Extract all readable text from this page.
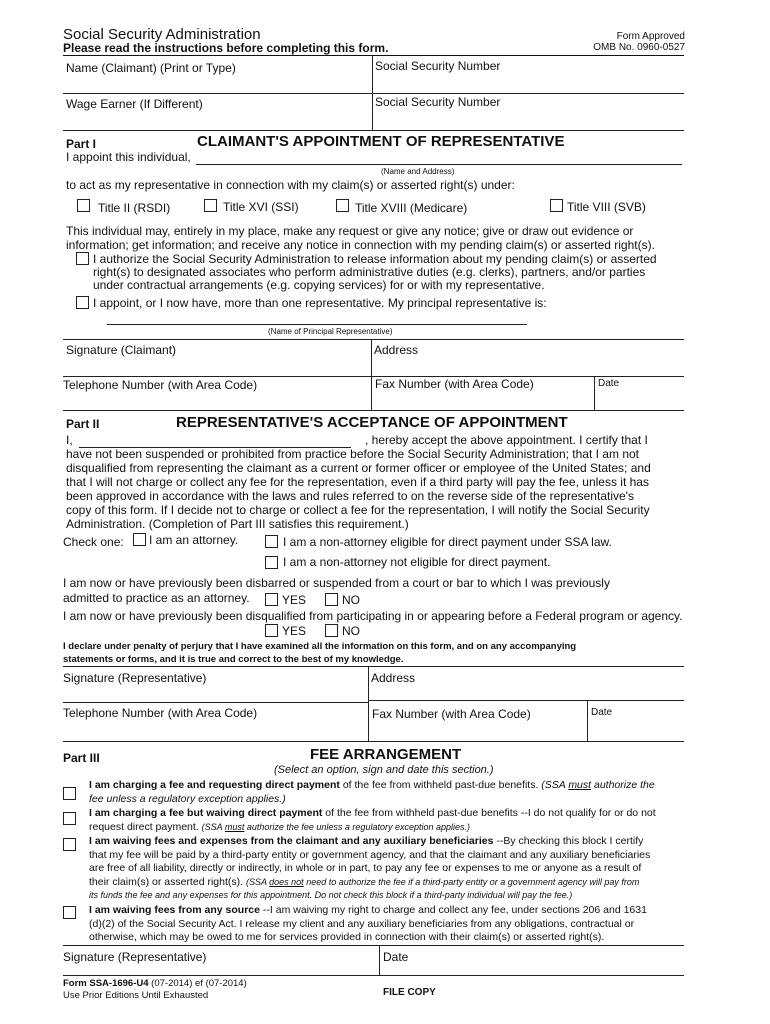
Social Security Administration
Please read the instructions before completing this form.
Form Approved
OMB No. 0960-0527
Name (Claimant) (Print or Type)	Social Security Number
Wage Earner (If Different)	Social Security Number
Part I	CLAIMANT'S APPOINTMENT OF REPRESENTATIVE
I appoint this individual,
(Name and Address)
to act as my representative in connection with my claim(s) or asserted right(s) under:
Title II (RSDI)	Title XVI (SSI)	Title XVIII (Medicare)	Title VIII (SVB)
This individual may, entirely in my place, make any request or give any notice; give or draw out evidence or
information; get information; and receive any notice in connection with my pending claim(s) or asserted right(s).
I authorize the Social Security Administration to release information about my pending claim(s) or asserted
right(s) to designated associates who perform administrative duties (e.g. clerks), partners, and/or parties
under contractual arrangements (e.g. copying services) for or with my representative.
I appoint, or I now have, more than one representative. My principal representative is:
(Name of Principal Representative)
Signature (Claimant)	Address
Telephone Number (with Area Code)	Fax Number (with Area Code)	Date
Part II	REPRESENTATIVE'S ACCEPTANCE OF APPOINTMENT
I,	, hereby accept the above appointment. I certify that I
have not been suspended or prohibited from practice before the Social Security Administration; that I am not
disqualified from representing the claimant as a current or former officer or employee of the United States; and
that I will not charge or collect any fee for the representation, even if a third party will pay the fee, unless it has
been approved in accordance with the laws and rules referred to on the reverse side of the representative's
copy of this form. If I decide not to charge or collect a fee for the representation, I will notify the Social Security
Administration. (Completion of Part III satisfies this requirement.)
Check one: I am an attorney.	I am a non-attorney eligible for direct payment under SSA law.
I am a non-attorney not eligible for direct payment.
I am now or have previously been disbarred or suspended from a court or bar to which I was previously
admitted to practice as an attorney.	YES	NO
I am now or have previously been disqualified from participating in or appearing before a Federal program or agency.
YES	NO
I declare under penalty of perjury that I have examined all the information on this form, and on any accompanying
statements or forms, and it is true and correct to the best of my knowledge.
Signature (Representative)	Address
Telephone Number (with Area Code)	Fax Number (with Area Code)	Date
Part III	FEE ARRANGEMENT
(Select an option, sign and date this section.)
I am charging a fee and requesting direct payment of the fee from withheld past-due benefits. (SSA must authorize the
fee unless a regulatory exception applies.)
I am charging a fee but waiving direct payment of the fee from withheld past-due benefits --I do not qualify for or do not
request direct payment. (SSA must authorize the fee unless a regulatory exception applies.)
I am waiving fees and expenses from the claimant and any auxiliary beneficiaries --By checking this block I certify
that my fee will be paid by a third-party entity or government agency, and that the claimant and any auxiliary beneficiaries
are free of all liability, directly or indirectly, in whole or in part, to pay any fee or expenses to me or anyone as a result of
their claim(s) or asserted right(s). (SSA does not need to authorize the fee if a third-party entity or a government agency will pay from
its funds the fee and any expenses for this appointment. Do not check this block if a third-party individual will pay the fee.)
I am waiving fees from any source --I am waiving my right to charge and collect any fee, under sections 206 and 1631
(d)(2) of the Social Security Act. I release my client and any auxiliary beneficiaries from any obligations, contractual or
otherwise, which may be owed to me for services provided in connection with their claim(s) or asserted right(s).
Signature (Representative)	Date
Form SSA-1696-U4 (07-2014) ef (07-2014)
Use Prior Editions Until Exhausted	FILE COPY
